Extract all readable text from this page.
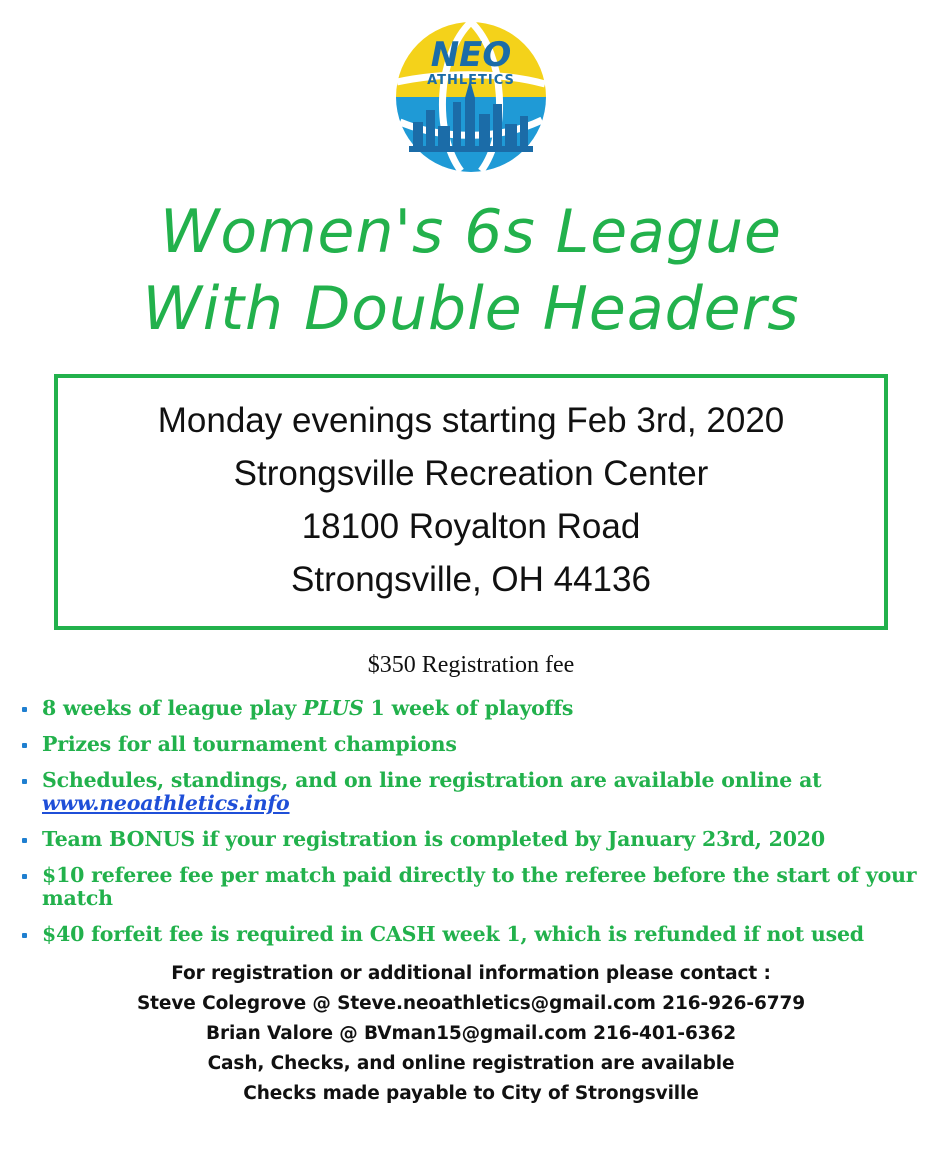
NEO
ATHLETICS
Women's 6s League
With Double Headers
Monday evenings starting Feb 3rd, 2020
Strongsville Recreation Center
18100 Royalton Road
Strongsville, OH 44136
$350 Registration fee
8 weeks of league play PLUS 1 week of playoffs
Prizes for all tournament champions
Schedules, standings, and on line registration are available online at www.neoathletics.info
Team BONUS if your registration is completed by January 23rd, 2020
$10 referee fee per match paid directly to the referee before the start of your match
$40 forfeit fee is required in CASH week 1, which is refunded if not used
For registration or additional information please contact :
Steve Colegrove @ Steve.neoathletics@gmail.com 216-926-6779
Brian Valore @ BVman15@gmail.com 216-401-6362
Cash, Checks, and online registration are available
Checks made payable to City of Strongsville
